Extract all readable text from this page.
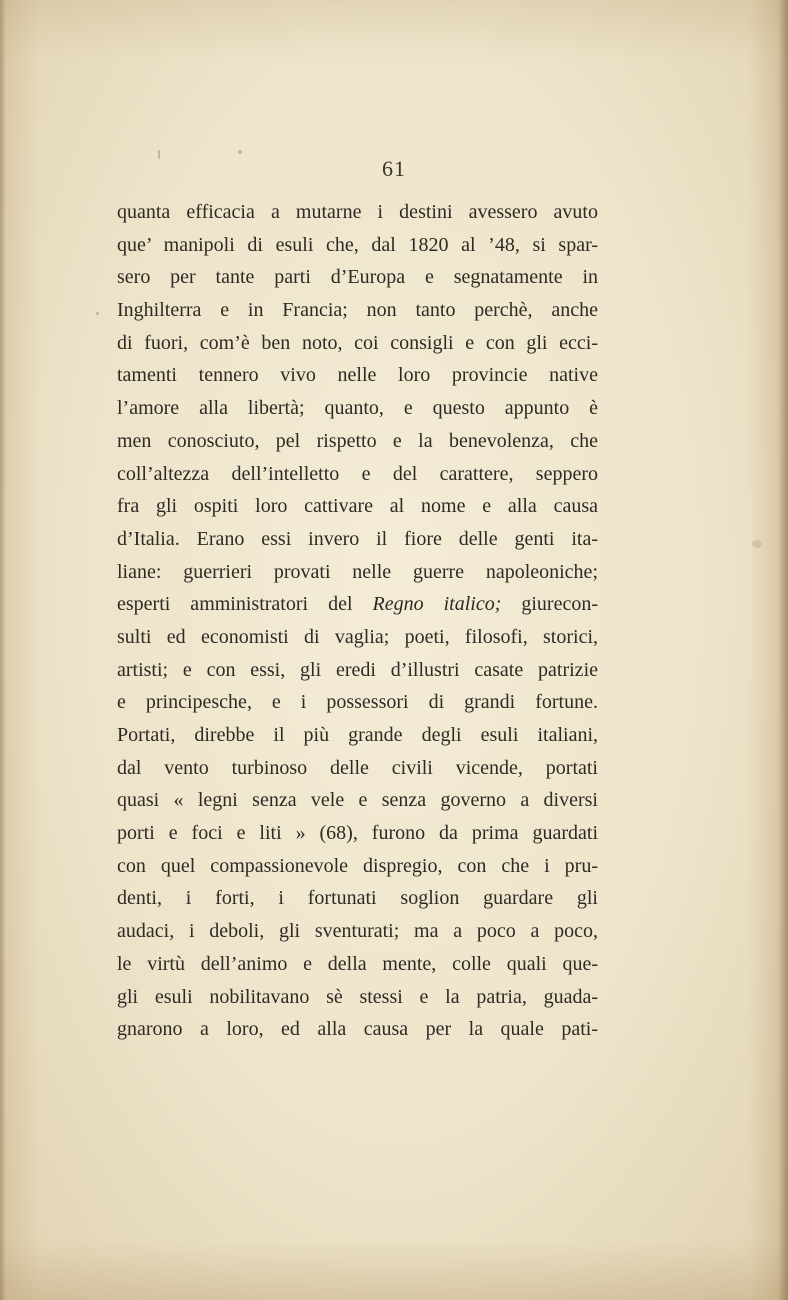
61
quanta efficacia a mutarne i destini avessero avuto
que’ manipoli di esuli che, dal 1820 al ’48, si spar-
sero per tante parti d’Europa e segnatamente in
Inghilterra e in Francia; non tanto perchè, anche
di fuori, com’è ben noto, coi consigli e con gli ecci-
tamenti tennero vivo nelle loro provincie native
l’amore alla libertà; quanto, e questo appunto è
men conosciuto, pel rispetto e la benevolenza, che
coll’altezza dell’intelletto e del carattere, seppero
fra gli ospiti loro cattivare al nome e alla causa
d’Italia. Erano essi invero il fiore delle genti ita-
liane: guerrieri provati nelle guerre napoleoniche;
esperti amministratori del Regno italico; giurecon-
sulti ed economisti di vaglia; poeti, filosofi, storici,
artisti; e con essi, gli eredi d’illustri casate patrizie
e principesche, e i possessori di grandi fortune.
Portati, direbbe il più grande degli esuli italiani,
dal vento turbinoso delle civili vicende, portati
quasi « legni senza vele e senza governo a diversi
porti e foci e liti » (68), furono da prima guardati
con quel compassionevole dispregio, con che i pru-
denti, i forti, i fortunati soglion guardare gli
audaci, i deboli, gli sventurati; ma a poco a poco,
le virtù dell’animo e della mente, colle quali que-
gli esuli nobilitavano sè stessi e la patria, guada-
gnarono a loro, ed alla causa per la quale pati-
